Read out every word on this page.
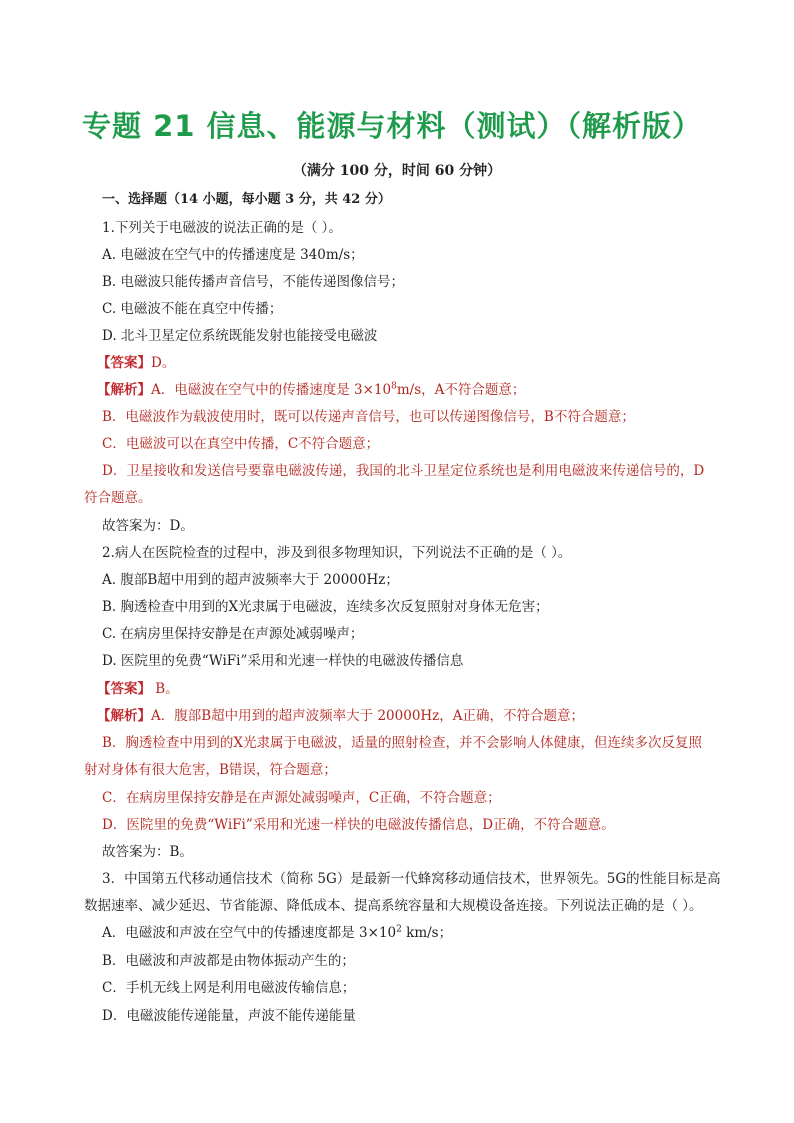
专题 21 信息、能源与材料（测试）（解析版）
（满分 100 分，时间 60 分钟）
一、选择题（14 小题，每小题 3 分，共 42 分）
1.下列关于电磁波的说法正确的是（ ）。
A. 电磁波在空气中的传播速度是 340m/s；
B. 电磁波只能传播声音信号，不能传递图像信号；
C. 电磁波不能在真空中传播；
D. 北斗卫星定位系统既能发射也能接受电磁波
【答案】D。
【解析】A．电磁波在空气中的传播速度是 $3\times 10^8m/s$，A不符合题意；
B．电磁波作为载波使用时，既可以传递声音信号，也可以传递图像信号，B不符合题意；
C．电磁波可以在真空中传播，C不符合题意；
D．卫星接收和发送信号要靠电磁波传递，我国的北斗卫星定位系统也是利用电磁波来传递信号的，D
符合题意。
故答案为：D。
2.病人在医院检查的过程中，涉及到很多物理知识，下列说法不正确的是（ ）。
A. 腹部B超中用到的超声波频率大于 20000Hz；
B. 胸透检查中用到的X光隶属于电磁波，连续多次反复照射对身体无危害；
C. 在病房里保持安静是在声源处减弱噪声；
D. 医院里的免费“WiFi”采用和光速一样快的电磁波传播信息
【答案】 B。
【解析】A．腹部B超中用到的超声波频率大于 20000Hz，A正确，不符合题意；
B．胸透检查中用到的X光隶属于电磁波，适量的照射检查，并不会影响人体健康，但连续多次反复照
射对身体有很大危害，B错误，符合题意；
C．在病房里保持安静是在声源处减弱噪声，C正确，不符合题意；
D．医院里的免费“WiFi”采用和光速一样快的电磁波传播信息，D正确，不符合题意。
故答案为：B。
3．中国第五代移动通信技术（简称 5G）是最新一代蜂窝移动通信技术，世界领先。5G的性能目标是高
数据速率、减少延迟、节省能源、降低成本、提高系统容量和大规模设备连接。下列说法正确的是（ ）。
A．电磁波和声波在空气中的传播速度都是 $3\times 10^2$ km/s；
B．电磁波和声波都是由物体振动产生的；
C．手机无线上网是利用电磁波传输信息；
D．电磁波能传递能量，声波不能传递能量
